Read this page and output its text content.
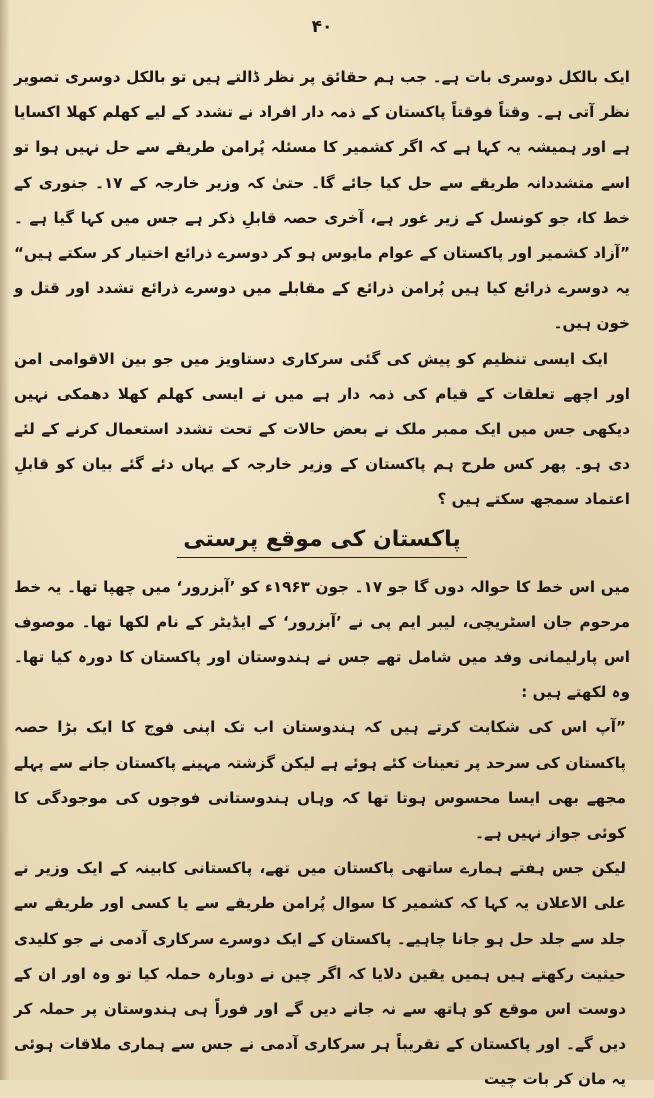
۴۰

ایک بالکل دوسری بات ہے۔ جب ہم حقائق پر نظر ڈالتے ہیں تو بالکل دوسری تصویر نظر آتی ہے۔ وقتاً فوقتاً پاکستان کے ذمہ دار افراد نے تشدد کے لیے کھلم کھلا اکسایا ہے اور ہمیشہ یہ کہا ہے کہ اگر کشمیر کا مسئلہ پُرامن طریقے سے حل نہیں ہوا تو اسے متشددانہ طریقے سے حل کیا جائے گا۔ حتیٰ کہ وزیر خارجہ کے ۱۷۔ جنوری کے خط کا، جو کونسل کے زیر غور ہے، آخری حصہ قابلِ ذکر ہے جس میں کہا گیا ہے ۔ ”آزاد کشمیر اور پاکستان کے عوام مایوس ہو کر دوسرے ذرائع اختیار کر سکتے ہیں“ یہ دوسرے ذرائع کیا ہیں پُرامن ذرائع کے مقابلے میں دوسرے ذرائع تشدد اور قتل و خون ہیں۔

ایک ایسی تنظیم کو پیش کی گئی سرکاری دستاویز میں جو بین الاقوامی امن اور اچھے تعلقات کے قیام کی ذمہ دار ہے میں نے ایسی کھلم کھلا دھمکی نہیں دیکھی جس میں ایک ممبر ملک نے بعض حالات کے تحت تشدد استعمال کرنے کے لئے دی ہو۔ پھر کس طرح ہم پاکستان کے وزیر خارجہ کے یہاں دئے گئے بیان کو قابلِ اعتماد سمجھ سکتے ہیں ؟

پاکستان کی موقع پرستی

میں اس خط کا حوالہ دوں گا جو ۱۷۔ جون ۱۹۶۳ء کو ’آبزرور‘ میں چھپا تھا۔ یہ خط مرحوم جان اسٹریچی، لیبر ایم پی نے ’آبزرور‘ کے ایڈیٹر کے نام لکھا تھا۔ موصوف اس پارلیمانی وفد میں شامل تھے جس نے ہندوستان اور پاکستان کا دورہ کیا تھا۔ وہ لکھتے ہیں :

”آپ اس کی شکایت کرتے ہیں کہ ہندوستان اب تک اپنی فوج کا ایک بڑا حصہ پاکستان کی سرحد پر تعینات کئے ہوئے ہے لیکن گزشتہ مہینے پاکستان جانے سے پہلے مجھے بھی ایسا محسوس ہوتا تھا کہ وہاں ہندوستانی فوجوں کی موجودگی کا کوئی جواز نہیں ہے۔

لیکن جس ہفتے ہمارے ساتھی پاکستان میں تھے، پاکستانی کابینہ کے ایک وزیر نے علی الاعلان یہ کہا کہ کشمیر کا سوال پُرامن طریقے سے یا کسی اور طریقے سے جلد سے جلد حل ہو جانا چاہیے۔ پاکستان کے ایک دوسرے سرکاری آدمی نے جو کلیدی حیثیت رکھتے ہیں ہمیں یقین دلایا کہ اگر چین نے دوبارہ حملہ کیا تو وہ اور ان کے دوست اس موقع کو ہاتھ سے نہ جانے دیں گے اور فوراً ہی ہندوستان پر حملہ کر دیں گے۔ اور پاکستان کے تقریباً ہر سرکاری آدمی نے جس سے ہماری ملاقات ہوئی یہ مان کر بات چیت
